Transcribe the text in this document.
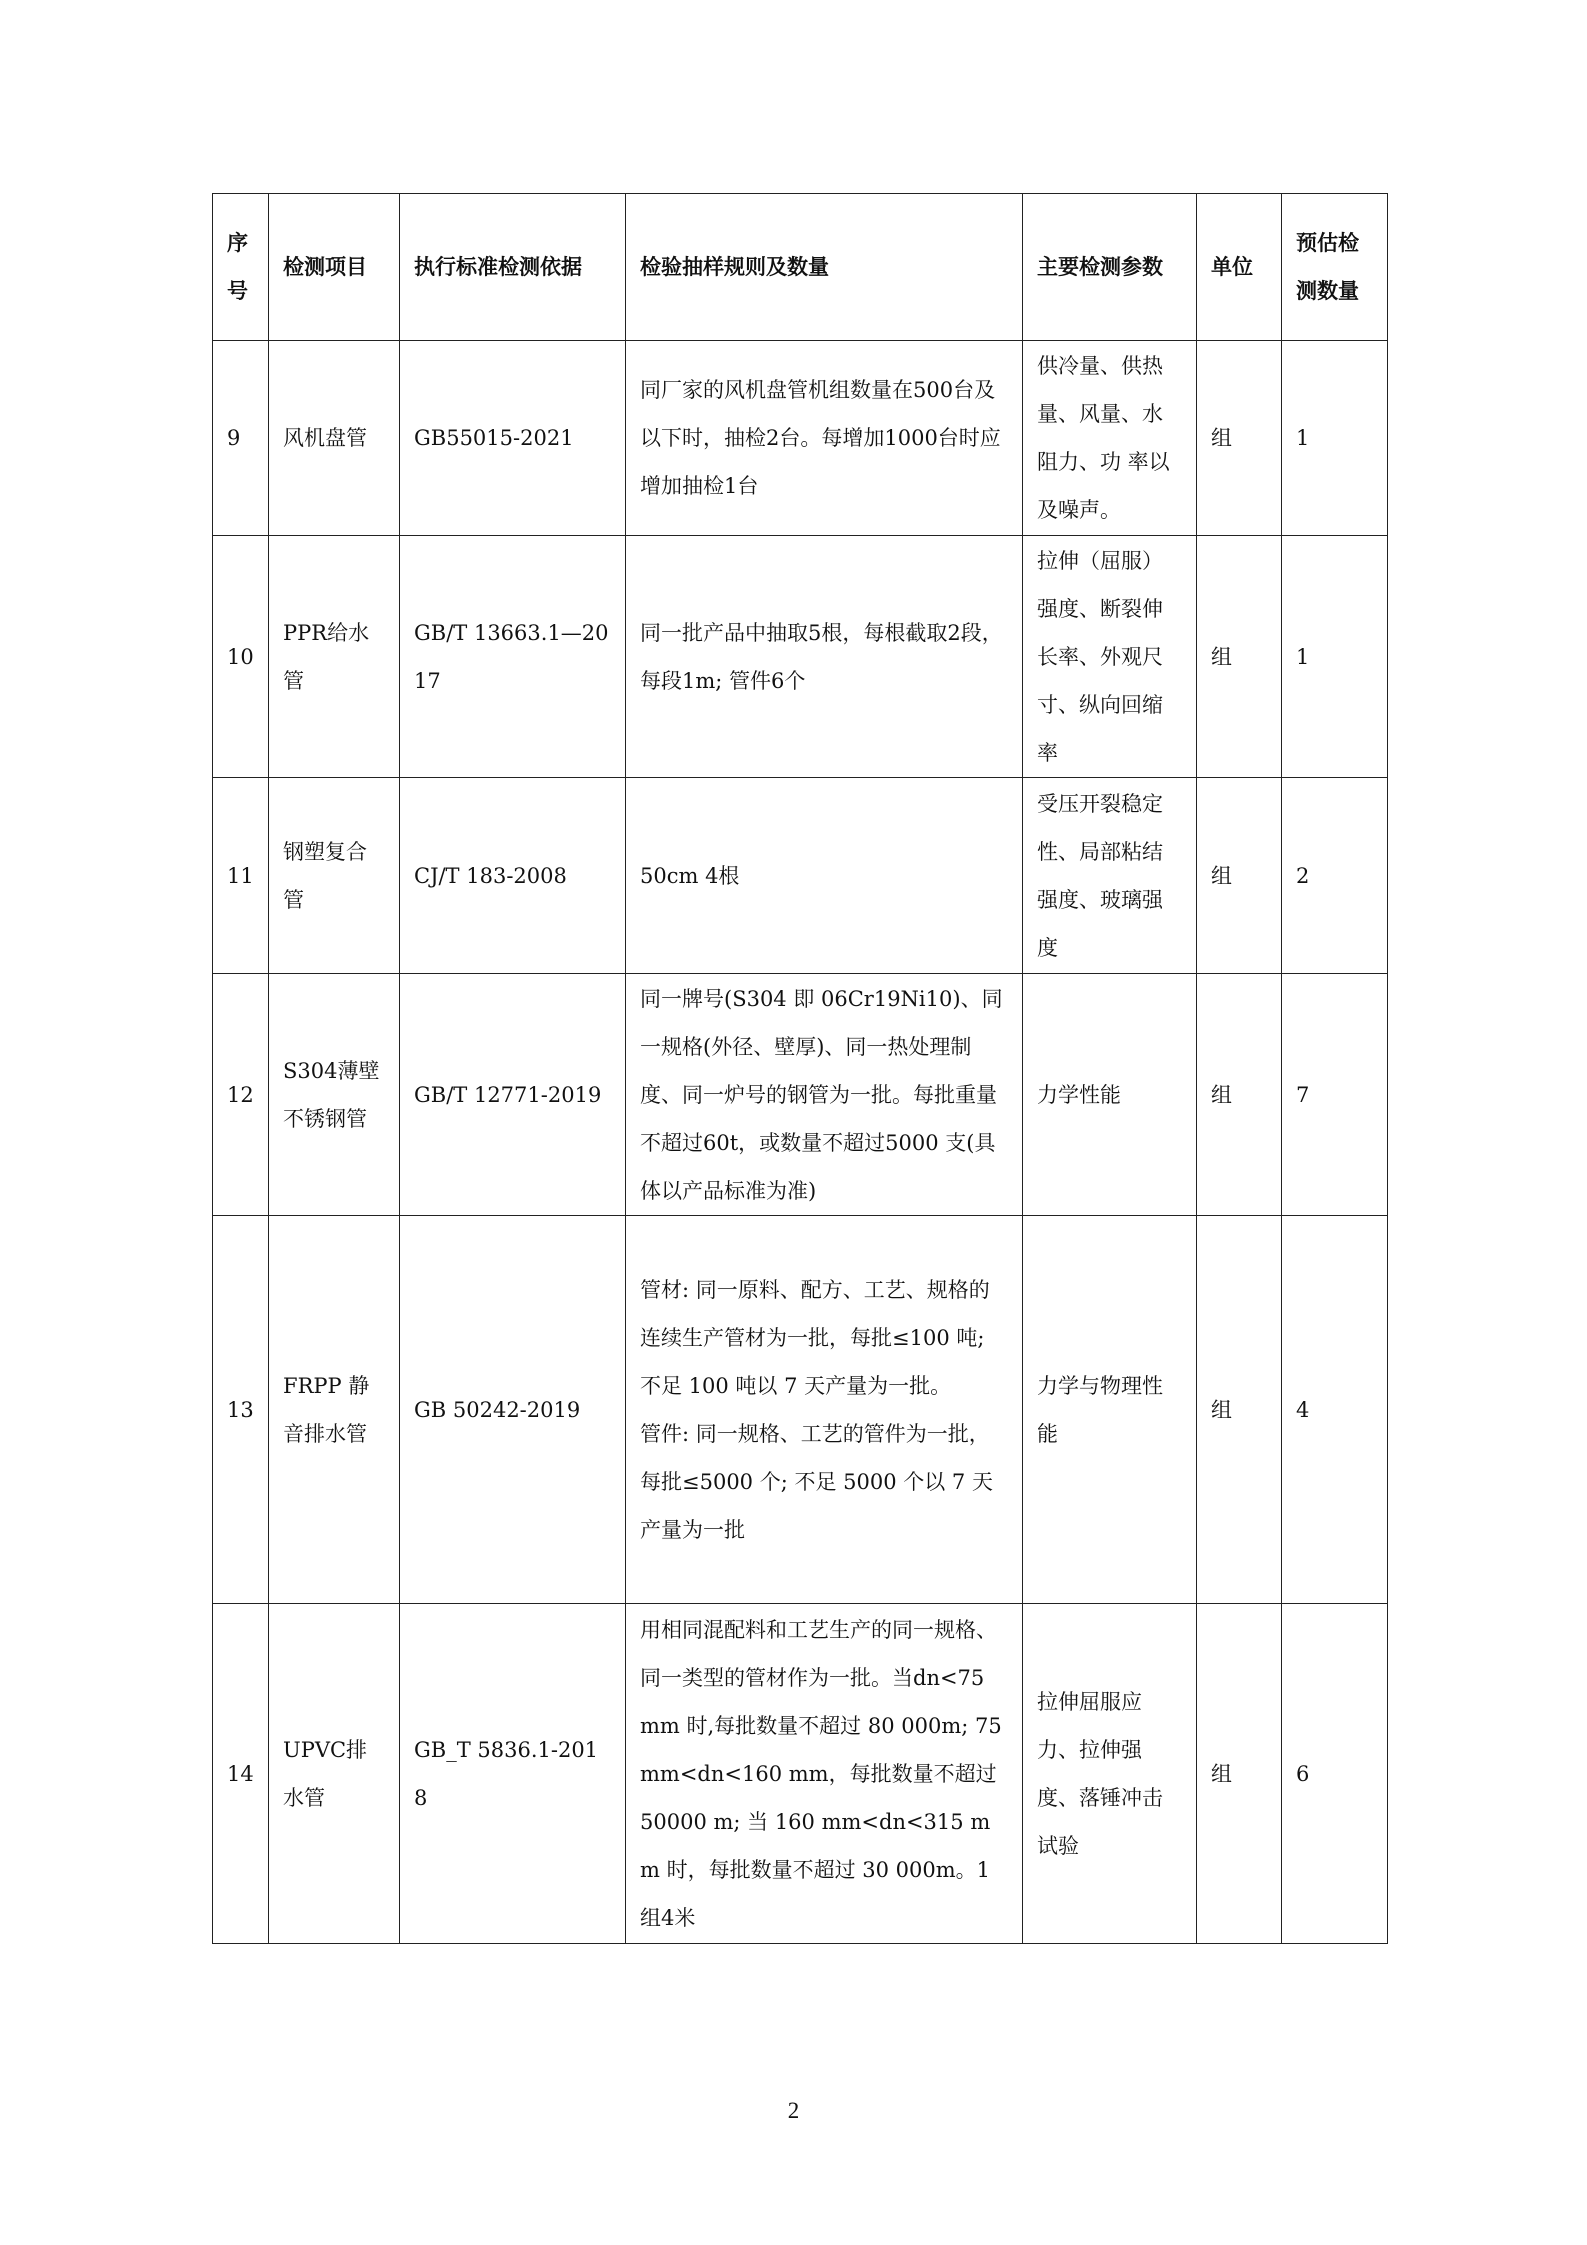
序号	检测项目	执行标准检测依据	检验抽样规则及数量	主要检测参数	单位	预估检测数量
9	风机盘管	GB55015-2021	同厂家的风机盘管机组数量在500台及以下时，抽检2台。每增加1000台时应增加抽检1台	供冷量、供热量、风量、水阻力、功 率以及噪声。	组	1
10	PPR给水管	GB/T 13663.1—2017	同一批产品中抽取5根，每根截取2段，每段1m; 管件6个	拉伸（屈服）强度、断裂伸长率、外观尺寸、纵向回缩率	组	1
11	钢塑复合管	CJ/T 183-2008	50cm 4根	受压开裂稳定性、局部粘结强度、玻璃强度	组	2
12	S304薄壁不锈钢管	GB/T 12771-2019	同一牌号(S304 即 06Cr19Ni10)、同一规格(外径、壁厚)、同一热处理制度、同一炉号的钢管为一批。每批重量不超过60t，或数量不超过5000 支(具体以产品标准为准)	力学性能	组	7
13	FRPP 静音排水管	GB 50242-2019	管材: 同一原料、配方、工艺、规格的连续生产管材为一批，每批≤100 吨; 不足 100 吨以 7 天产量为一批。
管件: 同一规格、工艺的管件为一批，每批≤5000 个; 不足 5000 个以 7 天产量为一批	力学与物理性能	组	4
14	UPVC排水管	GB_T 5836.1-2018	用相同混配料和工艺生产的同一规格、同一类型的管材作为一批。当dn<75 mm 时,每批数量不超过 80 000m; 75mm<dn<160 mm，每批数量不超过 50000 m; 当 160 mm<dn<315 mm 时，每批数量不超过 30 000m。1组4米	拉伸屈服应力、拉伸强度、落锤冲击试验	组	6
2
